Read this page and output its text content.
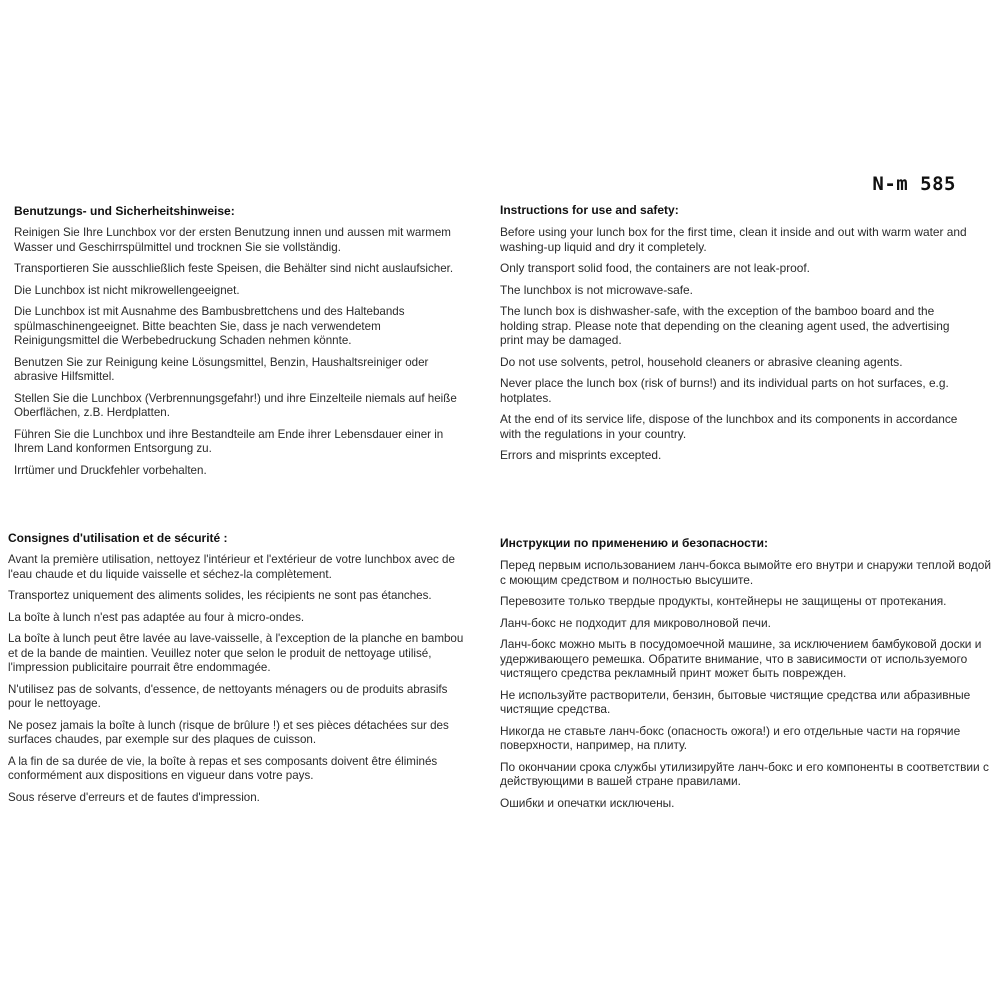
N-m 585
Benutzungs- und Sicherheitshinweise:

Reinigen Sie Ihre Lunchbox vor der ersten Benutzung innen und aussen mit warmem Wasser und Geschirrspülmittel und trocknen Sie sie vollständig.

Transportieren Sie ausschließlich feste Speisen, die Behälter sind nicht auslaufsicher.

Die Lunchbox ist nicht mikrowellengeeignet.

Die Lunchbox ist mit Ausnahme des Bambusbrettchens und des Haltebands spülmaschinengeeignet. Bitte beachten Sie, dass je nach verwendetem Reinigungsmittel die Werbebedruckung Schaden nehmen könnte.

Benutzen Sie zur Reinigung keine Lösungsmittel, Benzin, Haushaltsreiniger oder abrasive Hilfsmittel.

Stellen Sie die Lunchbox (Verbrennungsgefahr!) und ihre Einzelteile niemals auf heiße Oberflächen, z.B. Herdplatten.

Führen Sie die Lunchbox und ihre Bestandteile am Ende ihrer Lebensdauer einer in Ihrem Land konformen Entsorgung zu.

Irrtümer und Druckfehler vorbehalten.

Instructions for use and safety:

Before using your lunch box for the first time, clean it inside and out with warm water and washing-up liquid and dry it completely.

Only transport solid food, the containers are not leak-proof.

The lunchbox is not microwave-safe.

The lunch box is dishwasher-safe, with the exception of the bamboo board and the holding strap. Please note that depending on the cleaning agent used, the advertising print may be damaged.

Do not use solvents, petrol, household cleaners or abrasive cleaning agents.

Never place the lunch box (risk of burns!) and its individual parts on hot surfaces, e.g. hotplates.

At the end of its service life, dispose of the lunchbox and its components in accordance with the regulations in your country.

Errors and misprints excepted.

Consignes d'utilisation et de sécurité :

Avant la première utilisation, nettoyez l'intérieur et l'extérieur de votre lunchbox avec de l'eau chaude et du liquide vaisselle et séchez-la complètement.

Transportez uniquement des aliments solides, les récipients ne sont pas étanches.

La boîte à lunch n'est pas adaptée au four à micro-ondes.

La boîte à lunch peut être lavée au lave-vaisselle, à l'exception de la planche en bambou et de la bande de maintien. Veuillez noter que selon le produit de nettoyage utilisé, l'impression publicitaire pourrait être endommagée.

N'utilisez pas de solvants, d'essence, de nettoyants ménagers ou de produits abrasifs pour le nettoyage.

Ne posez jamais la boîte à lunch (risque de brûlure !) et ses pièces détachées sur des surfaces chaudes, par exemple sur des plaques de cuisson.

A la fin de sa durée de vie, la boîte à repas et ses composants doivent être éliminés conformément aux dispositions en vigueur dans votre pays.

Sous réserve d'erreurs et de fautes d'impression.

Инструкции по применению и безопасности:

Перед первым использованием ланч-бокса вымойте его внутри и снаружи теплой водой с моющим средством и полностью высушите.

Перевозите только твердые продукты, контейнеры не защищены от протекания.

Ланч-бокс не подходит для микроволновой печи.

Ланч-бокс можно мыть в посудомоечной машине, за исключением бамбуковой доски и удерживающего ремешка. Обратите внимание, что в зависимости от используемого чистящего средства рекламный принт может быть поврежден.

Не используйте растворители, бензин, бытовые чистящие средства или абразивные чистящие средства.

Никогда не ставьте ланч-бокс (опасность ожога!) и его отдельные части на горячие поверхности, например, на плиту.

По окончании срока службы утилизируйте ланч-бокс и его компоненты в соответствии с действующими в вашей стране правилами.

Ошибки и опечатки исключены.
